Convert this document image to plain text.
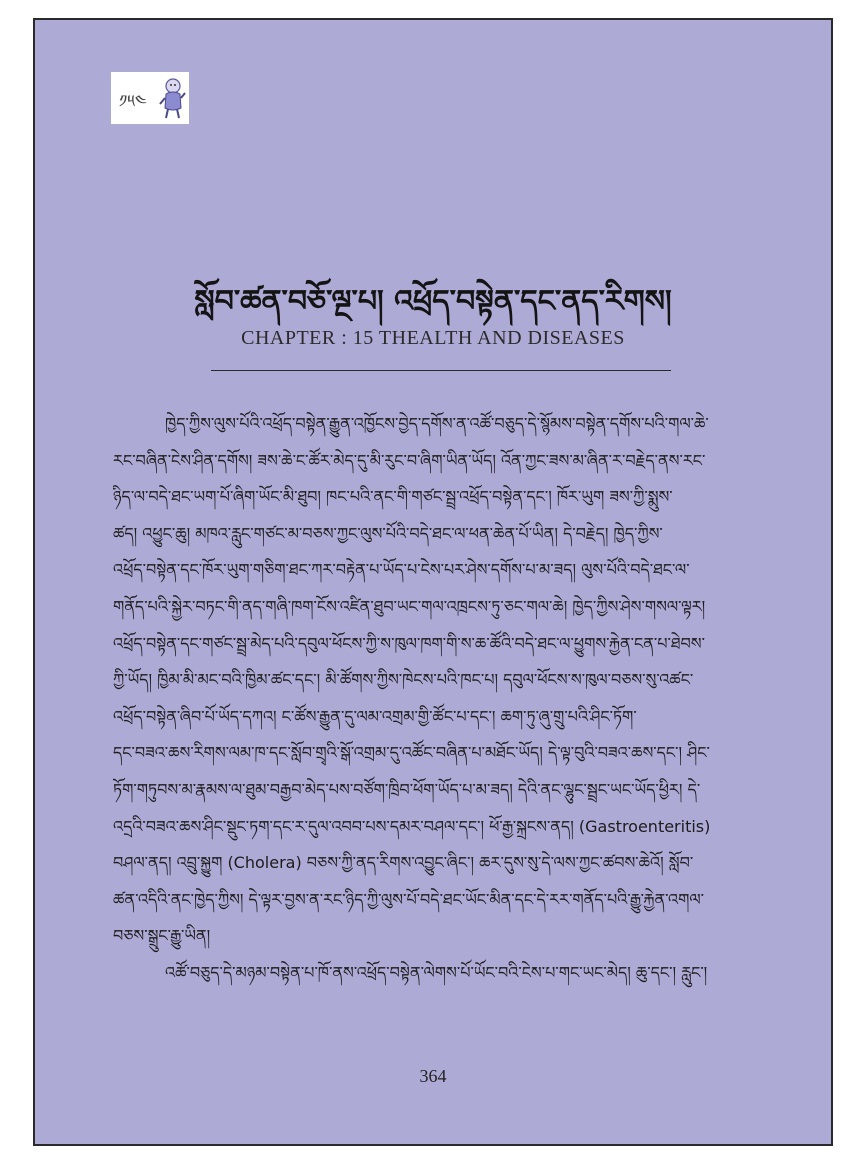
༡༥༤
སློབ་ཚན་བཅོ་ལྔ་པ། འཕྲོད་བསྟེན་དང་ནད་རིགས།
CHAPTER : 15 THEALTH AND DISEASES
ཁྱེད་ཀྱིས་ལུས་པོའི་འཕྲོད་བསྟེན་རྒྱུན་འཁྱོངས་བྱེད་དགོས་ན་འཚོ་བཅུད་དེ་སྙོམས་བསྟེན་དགོས་པའི་གལ་ཆེ་
རང་བཞིན་ངེས་ཤིན་དགོས། ཟས་ཆེ་ང་ཚོར་མེད་དུ་མི་རུང་བ་ཞིག་ཡིན་ཡོད། འོན་ཀྱང་ཟས་མ་ཞིན་ར་བརྗེད་ནས་རང་
ཉིད་ལ་བདེ་ཐང་ཡག་པོ་ཞིག་ཡོང་མི་ཐུབ། ཁང་པའི་ནང་གི་གཙང་སྦྲ་འཕྲོད་བསྟེན་དང་། ཁོར་ཡུག ཟས་ཀྱི་སྨུས་
ཚད། འཕྱུང་ཆུ། མཁའ་རླུང་གཙང་མ་བཅས་ཀྱང་ལུས་པོའི་བདེ་ཐང་ལ་ཕན་ཆེན་པོ་ཡིན། དེ་བརྗེད། ཁྱེད་ཀྱིས་
འཕྲོད་བསྟེན་དང་ཁོར་ཡུག་གཅིག་ཐང་ཀར་བརྟེན་པ་ཡོད་པ་ངེས་པར་ཤེས་དགོས་པ་མ་ཟད། ལུས་པོའི་བདེ་ཐང་ལ་
གནོད་པའི་སྐྱེར་བཏང་གི་ནད་གཞི་ཁག་ངོས་འཛིན་ཐུབ་ཡང་གལ་འཁྲངས་ཏུ་ཅང་གལ་ཆེ། ཁྱེད་ཀྱིས་ཤེས་གསལ་ལྟར།
འཕྲོད་བསྟེན་དང་གཙང་སྦྲ་མེད་པའི་དབུལ་ཕོངས་ཀྱི་ས་ཁུལ་ཁག་གི་ས་ཆ་ཚོའི་བདེ་ཐང་ལ་ཕྱུགས་རྐྱེན་ངན་པ་ཐེབས་
ཀྱི་ཡོད། ཁྱིམ་མི་མང་བའི་ཁྱིམ་ཚང་དང་། མི་ཚོགས་ཀྱིས་ཁེངས་པའི་ཁང་པ། དབུལ་ཕོངས་ས་ཁུལ་བཅས་སུ་འཚང་
འཕྲོད་བསྟེན་ཞིབ་པོ་ཡོད་དཀའ། ང་ཚོས་རྒྱུན་དུ་ལམ་འགྲམ་གྱི་ཚོང་པ་དང་། ཆག་ཏུ་ཞུ་གྲུ་པའི་ཤིང་ཏོག་
དང་བཟའ་ཆས་རིགས་ལམ་ཁ་དང་སློབ་གྲྭའི་སྒོ་འགྲམ་དུ་འཚོང་བཞིན་པ་མཐོང་ཡོད། དེ་ལྟ་བུའི་བཟའ་ཆས་དང་། ཤིང་
ཏོག་གཏུབས་མ་རྣམས་ལ་ཐུམ་བརྒྱབ་མེད་པས་བཙོག་ཁྲིབ་ཕོག་ཡོད་པ་མ་ཟད། དེའི་ནང་ལྷུང་སྦྲང་ཡང་ཡོད་ཕྱིར། དེ་
འདྲའི་བཟའ་ཆས་ཤིང་སྡུང་ཏག་དང་ར་དུལ་འབབ་པས་དམར་བཤལ་དང་། ཕོ་རྒྱ་སྐྲངས་ནད། (Gastroenteritis)
བཤལ་ནད། འབྲུ་སྐྱུག (Cholera) བཅས་ཀྱི་ནད་རིགས་འབྱུང་ཞིང་། ཆར་དུས་སུ་དེ་ལས་ཀྱང་ཚབས་ཆེའོ། སློབ་
ཚན་འདིའི་ནང་ཁྱེད་ཀྱིས། དེ་ལྟར་བྱས་ན་རང་ཉིད་ཀྱི་ལུས་པོ་བདེ་ཐང་ཡོང་མིན་དང་དེ་རར་གནོད་པའི་རྒྱུ་རྐྱེན་འགལ་
བཅས་སྒྲུང་རྒྱུ་ཡིན།
འཚོ་བཅུད་དེ་མཉམ་བསྟེན་པ་ཁོ་ནས་འཕྲོད་བསྟེན་ལེགས་པོ་ཡོང་བའི་ངེས་པ་གང་ཡང་མེད། ཆུ་དང་། རླུང་།
364
